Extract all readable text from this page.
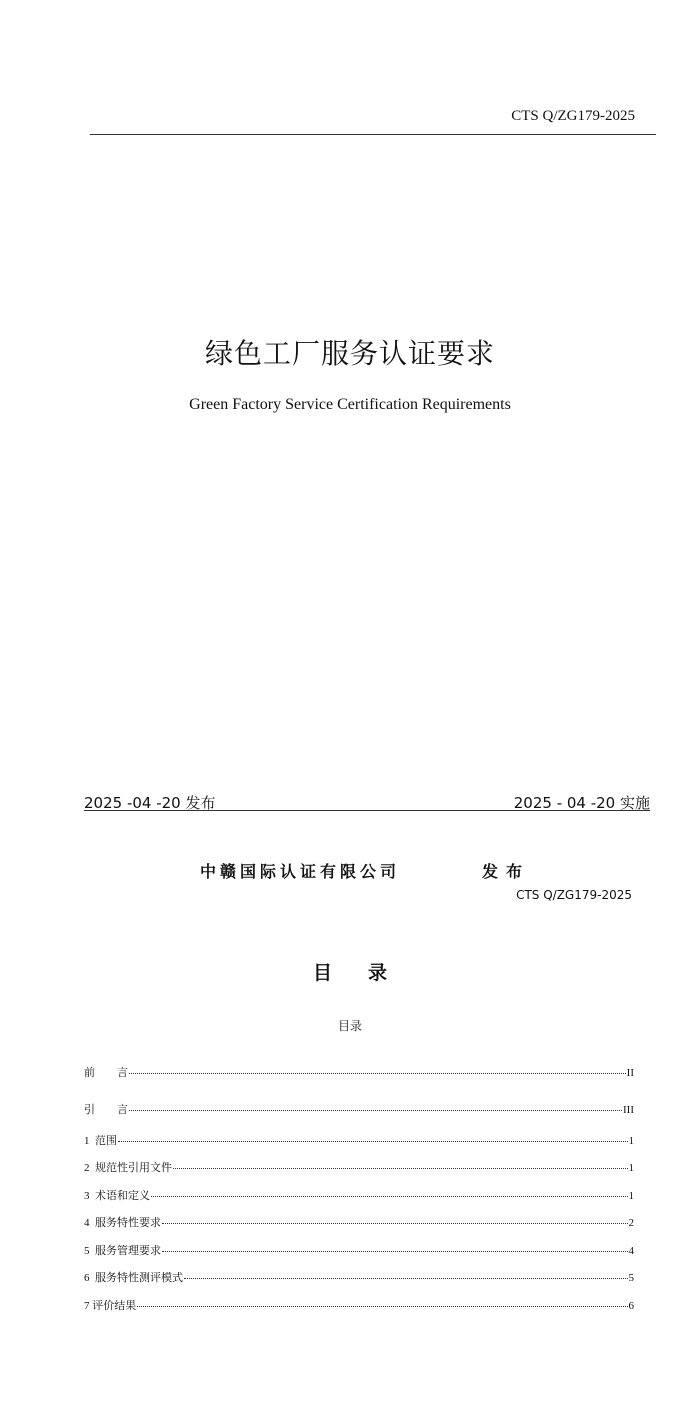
CTS Q/ZG179-2025
绿色工厂服务认证要求
Green Factory Service Certification Requirements
2025 -04 -20 发布	2025 - 04 -20 实施
中赣国际认证有限公司	发布
CTS Q/ZG179-2025
目录
目录
前　　言	II
引　　言	III
1  范围	1
2  规范性引用文件	1
3  术语和定义	1
4  服务特性要求	2
5  服务管理要求	4
6  服务特性测评模式	5
7 评价结果	6
